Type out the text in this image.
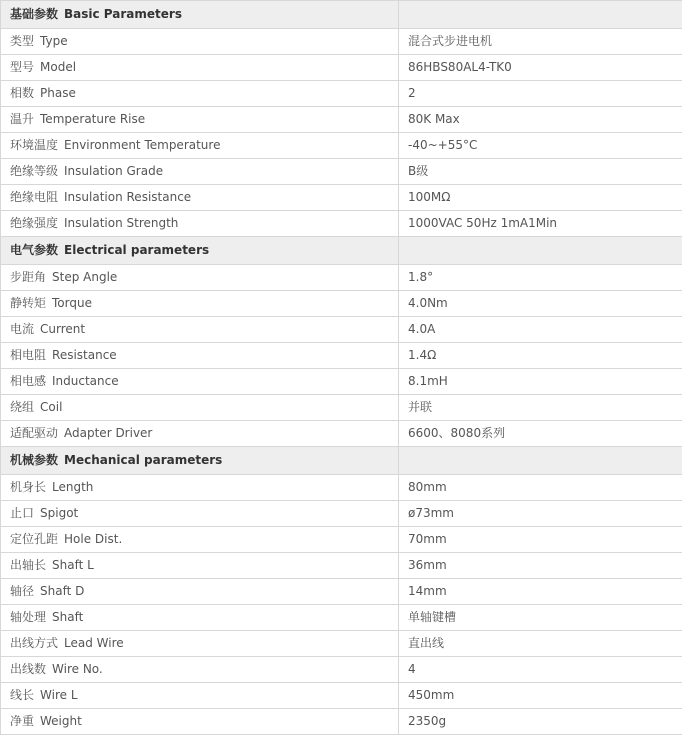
基础参数 Basic Parameters	
类型 Type	混合式步进电机
型号 Model	86HBS80AL4-TK0
相数 Phase	2
温升 Temperature Rise	80K Max
环境温度 Environment Temperature	-40~+55°C
绝缘等级 Insulation Grade	B级
绝缘电阻 Insulation Resistance	100MΩ
绝缘强度 Insulation Strength	1000VAC 50Hz 1mA1Min
电气参数 Electrical parameters	
步距角 Step Angle	1.8°
静转矩 Torque	4.0Nm
电流 Current	4.0A
相电阻 Resistance	1.4Ω
相电感 Inductance	8.1mH
绕组 Coil	并联
适配驱动 Adapter Driver	6600、8080系列
机械参数 Mechanical parameters	
机身长 Length	80mm
止口 Spigot	ø73mm
定位孔距 Hole Dist.	70mm
出轴长 Shaft L	36mm
轴径 Shaft D	14mm
轴处理 Shaft	单轴键槽
出线方式 Lead Wire	直出线
出线数 Wire No.	4
线长 Wire L	450mm
净重 Weight	2350g
